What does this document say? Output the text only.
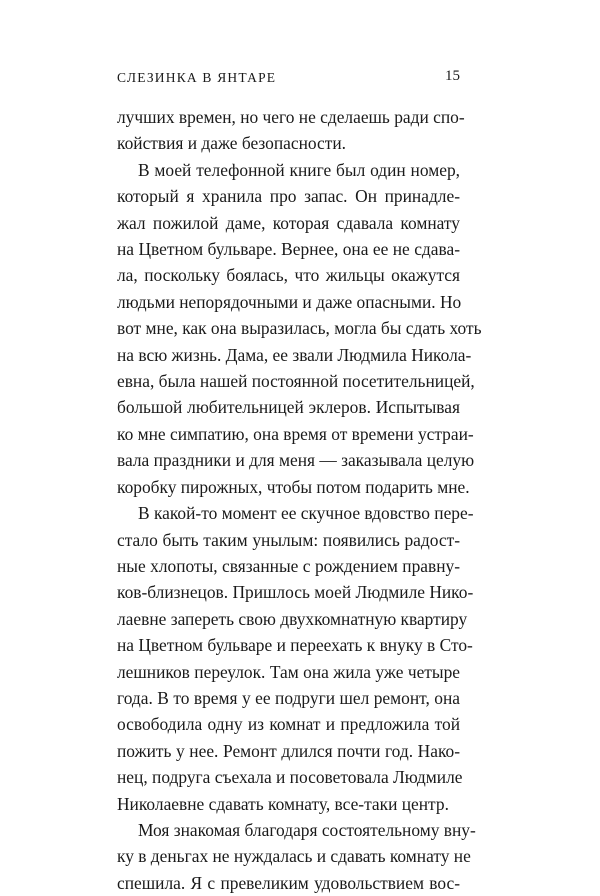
СЛЕЗИНКА В ЯНТАРЕ	15
лучших времен, но чего не сделаешь ради спо-
койствия и даже безопасности.
В моей телефонной книге был один номер,
который я хранила про запас. Он принадле-
жал пожилой даме, которая сдавала комнату
на Цветном бульваре. Вернее, она ее не сдава-
ла, поскольку боялась, что жильцы окажутся
людьми непорядочными и даже опасными. Но
вот мне, как она выразилась, могла бы сдать хоть
на всю жизнь. Дама, ее звали Людмила Никола-
евна, была нашей постоянной посетительницей,
большой любительницей эклеров. Испытывая
ко мне симпатию, она время от времени устраи-
вала праздники и для меня — заказывала целую
коробку пирожных, чтобы потом подарить мне.
В какой-то момент ее скучное вдовство пере-
стало быть таким унылым: появились радост-
ные хлопоты, связанные с рождением правну-
ков-близнецов. Пришлось моей Людмиле Нико-
лаевне запереть свою двухкомнатную квартиру
на Цветном бульваре и переехать к внуку в Сто-
лешников переулок. Там она жила уже четыре
года. В то время у ее подруги шел ремонт, она
освободила одну из комнат и предложила той
пожить у нее. Ремонт длился почти год. Нако-
нец, подруга съехала и посоветовала Людмиле
Николаевне сдавать комнату, все-таки центр.
Моя знакомая благодаря состоятельному вну-
ку в деньгах не нуждалась и сдавать комнату не
спешила. Я с превеликим удовольствием вос-
